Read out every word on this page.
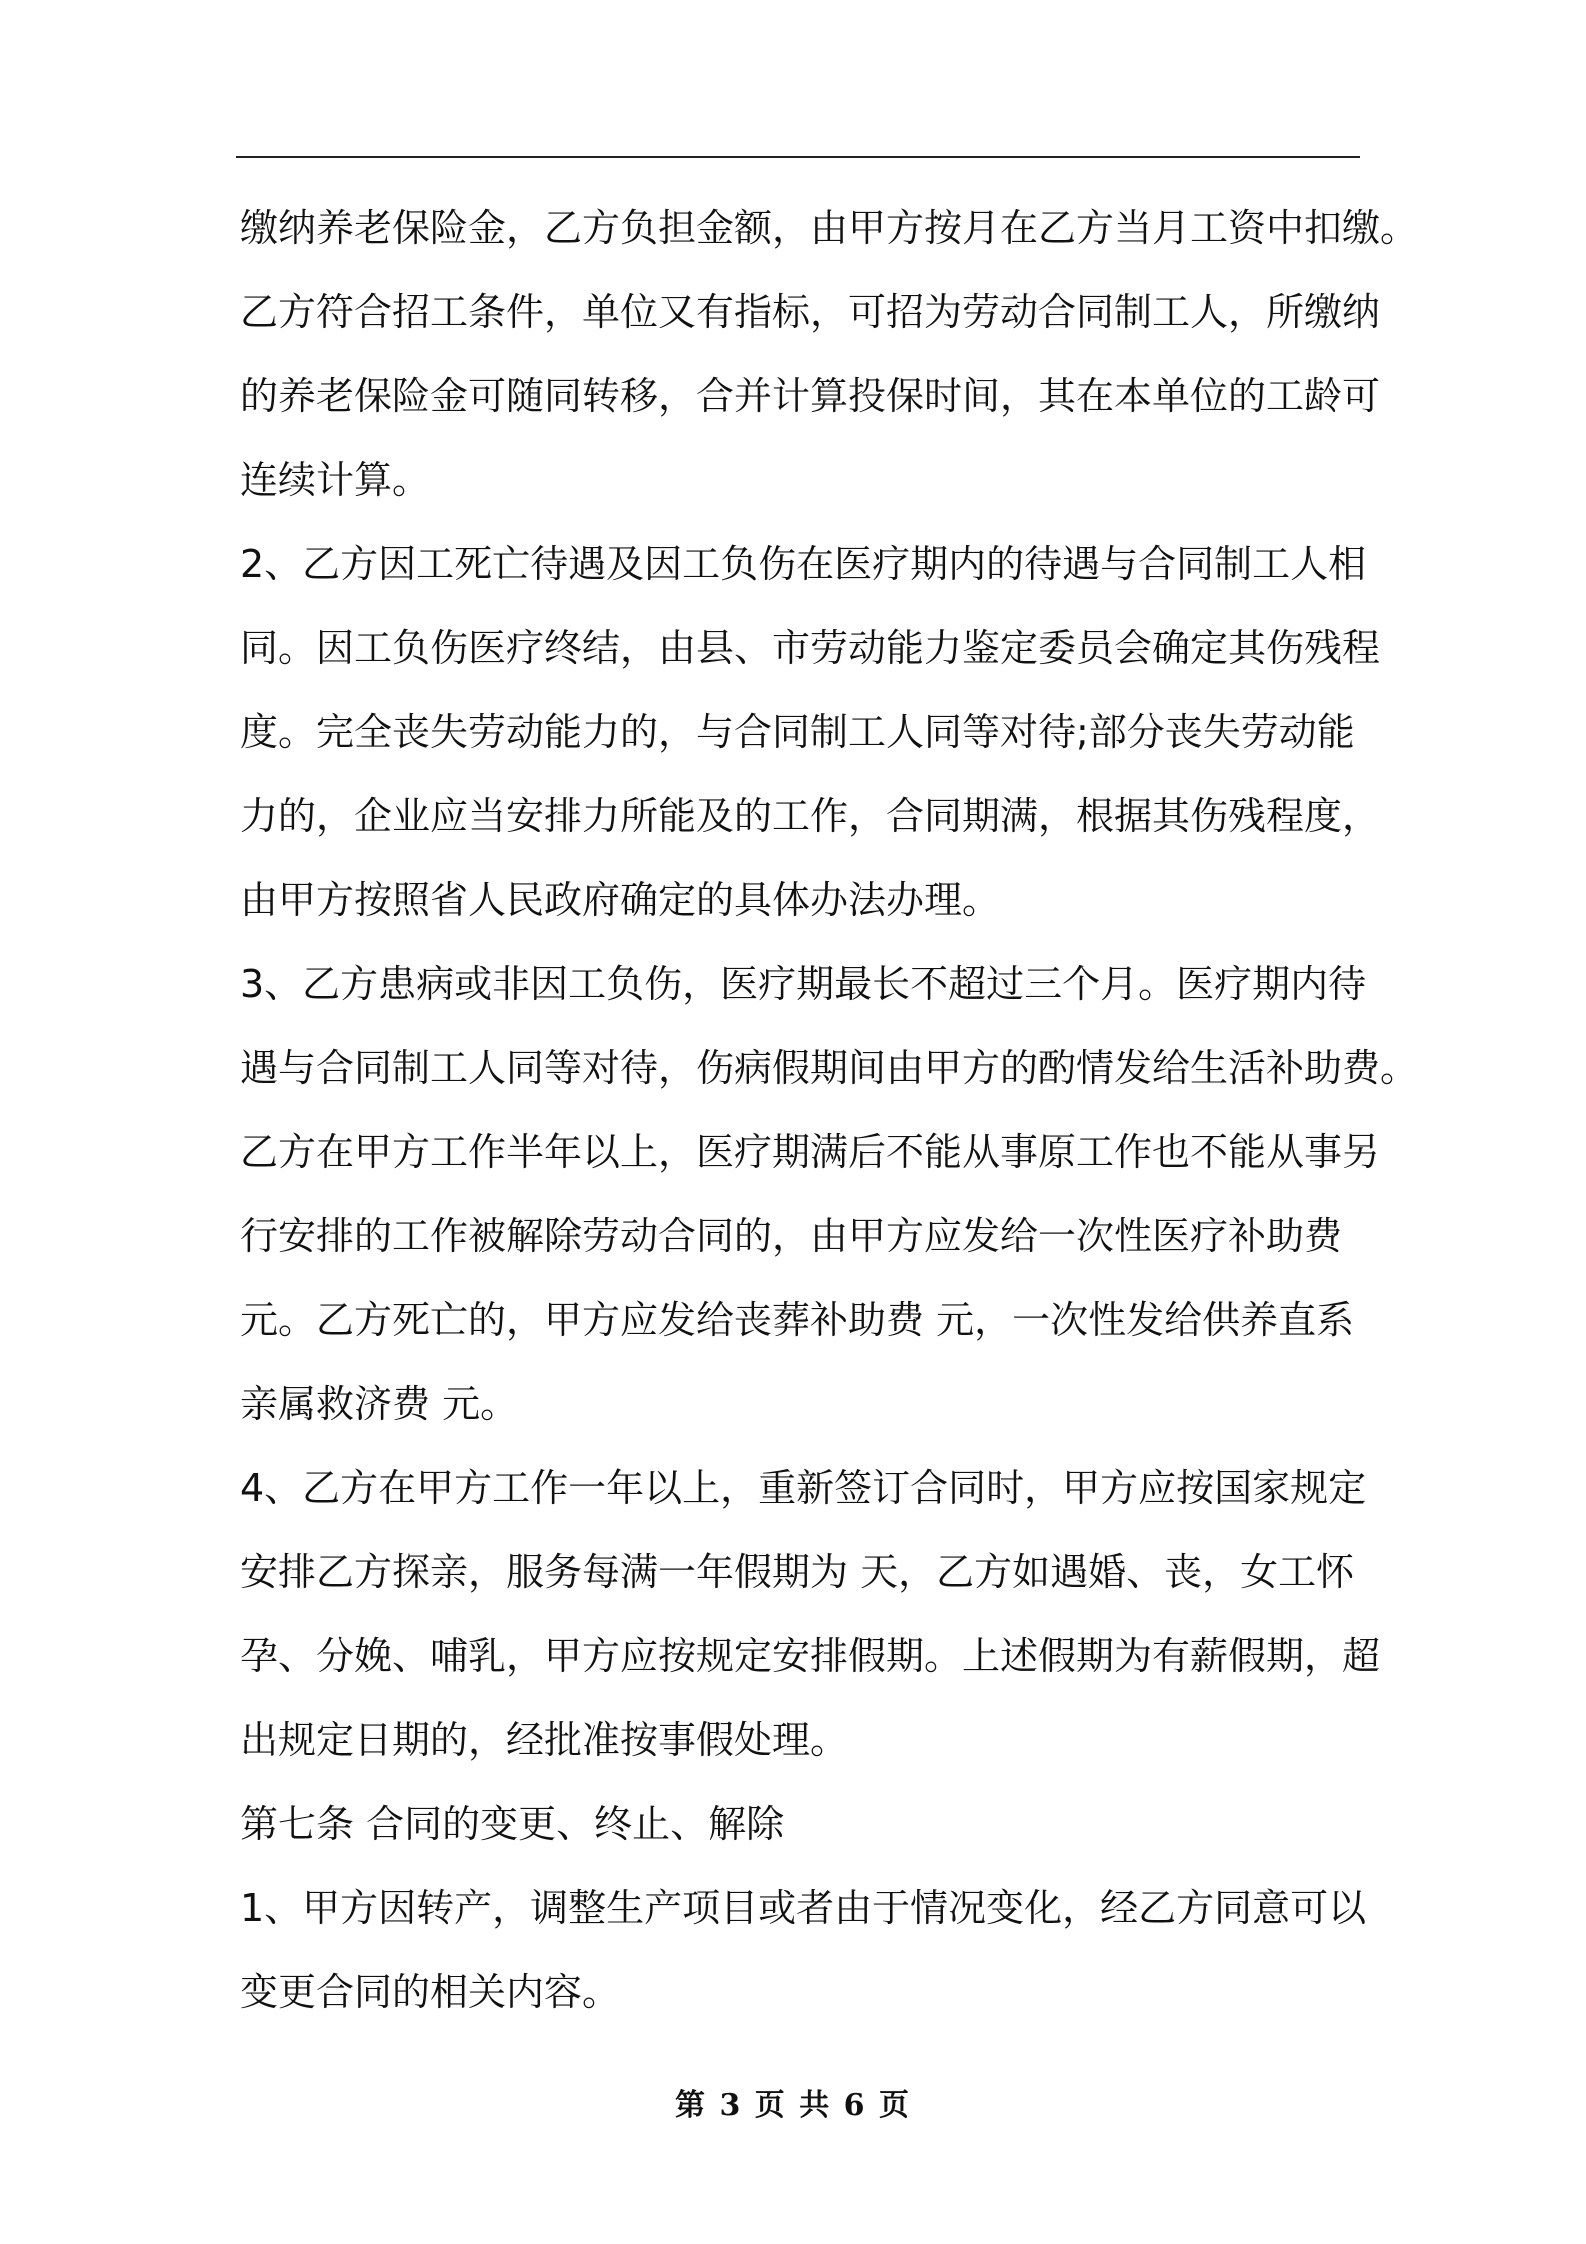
缴纳养老保险金，乙方负担金额，由甲方按月在乙方当月工资中扣缴。
乙方符合招工条件，单位又有指标，可招为劳动合同制工人，所缴纳
的养老保险金可随同转移，合并计算投保时间，其在本单位的工龄可
连续计算。
2、乙方因工死亡待遇及因工负伤在医疗期内的待遇与合同制工人相
同。因工负伤医疗终结，由县、市劳动能力鉴定委员会确定其伤残程
度。完全丧失劳动能力的，与合同制工人同等对待;部分丧失劳动能
力的，企业应当安排力所能及的工作，合同期满，根据其伤残程度，
由甲方按照省人民政府确定的具体办法办理。
3、乙方患病或非因工负伤，医疗期最长不超过三个月。医疗期内待
遇与合同制工人同等对待，伤病假期间由甲方的酌情发给生活补助费。
乙方在甲方工作半年以上，医疗期满后不能从事原工作也不能从事另
行安排的工作被解除劳动合同的，由甲方应发给一次性医疗补助费
元。乙方死亡的，甲方应发给丧葬补助费 元，一次性发给供养直系
亲属救济费 元。
4、乙方在甲方工作一年以上，重新签订合同时，甲方应按国家规定
安排乙方探亲，服务每满一年假期为 天，乙方如遇婚、丧，女工怀
孕、分娩、哺乳，甲方应按规定安排假期。上述假期为有薪假期，超
出规定日期的，经批准按事假处理。
第七条 合同的变更、终止、解除
1、甲方因转产，调整生产项目或者由于情况变化，经乙方同意可以
变更合同的相关内容。
第 3 页 共 6 页
